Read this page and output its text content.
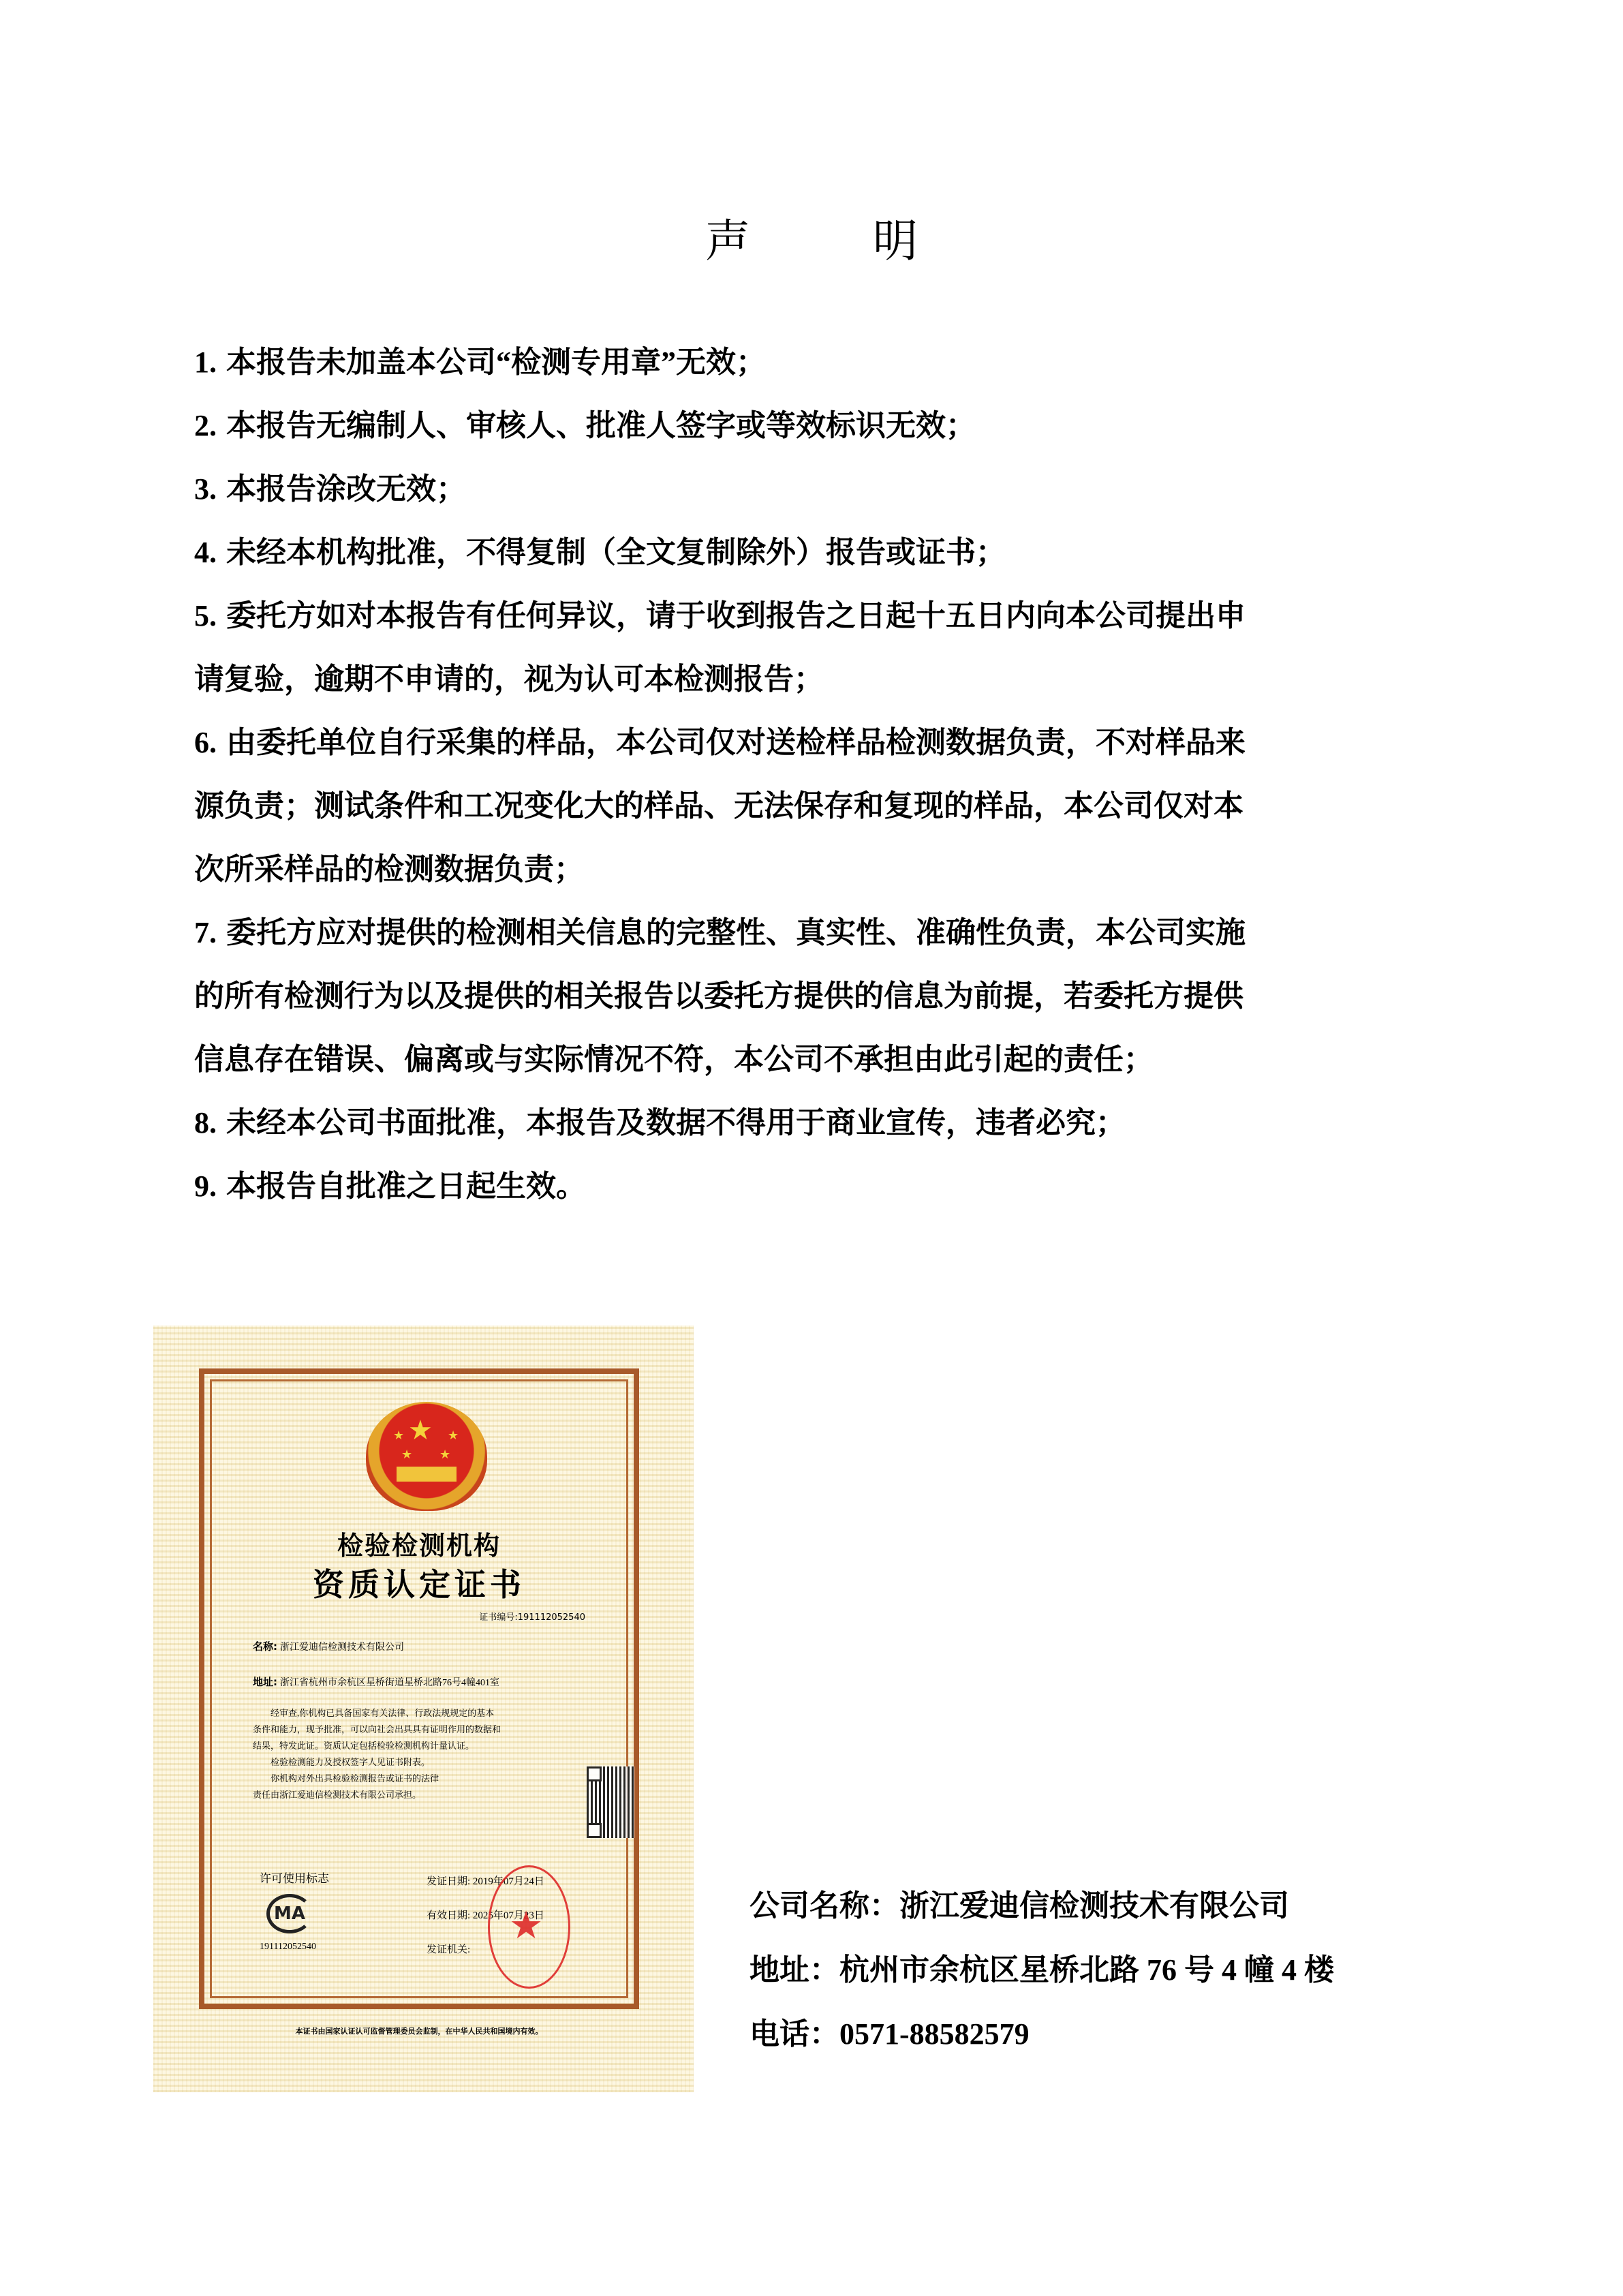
声	明

1. 本报告未加盖本公司“检测专用章”无效；

2. 本报告无编制人、审核人、批准人签字或等效标识无效；

3. 本报告涂改无效；

4. 未经本机构批准，不得复制（全文复制除外）报告或证书；

5. 委托方如对本报告有任何异议，请于收到报告之日起十五日内向本公司提出申

请复验，逾期不申请的，视为认可本检测报告；

6. 由委托单位自行采集的样品，本公司仅对送检样品检测数据负责，不对样品来

源负责；测试条件和工况变化大的样品、无法保存和复现的样品，本公司仅对本

次所采样品的检测数据负责；

7. 委托方应对提供的检测相关信息的完整性、真实性、准确性负责，本公司实施

的所有检测行为以及提供的相关报告以委托方提供的信息为前提，若委托方提供

信息存在错误、偏离或与实际情况不符，本公司不承担由此引起的责任；

8. 未经本公司书面批准，本报告及数据不得用于商业宣传，违者必究；

9. 本报告自批准之日起生效。

★
★	★
★ ★
检验检测机构
资质认定证书
证书编号:191112052540
名称: 浙江爱迪信检测技术有限公司
地址: 浙江省杭州市余杭区星桥街道星桥北路76号4幢401室

经审查,你机构已具备国家有关法律、行政法规规定的基本

条件和能力，现予批准，可以向社会出具具有证明作用的数据和

结果，特发此证。资质认定包括检验检测机构计量认证。

检验检测能力及授权签字人见证书附表。

你机构对外出具检验检测报告或证书的法律

责任由浙江爱迪信检测技术有限公司承担。

许可使用标志
MA
191112052540
发证日期: 2019年07月24日
有效日期: 2025年07月23日
发证机关:
★
本证书由国家认证认可监督管理委员会监制，在中华人民共和国境内有效。

公司名称：浙江爱迪信检测技术有限公司

地址：杭州市余杭区星桥北路 76 号 4 幢 4 楼

电话：0571-88582579
